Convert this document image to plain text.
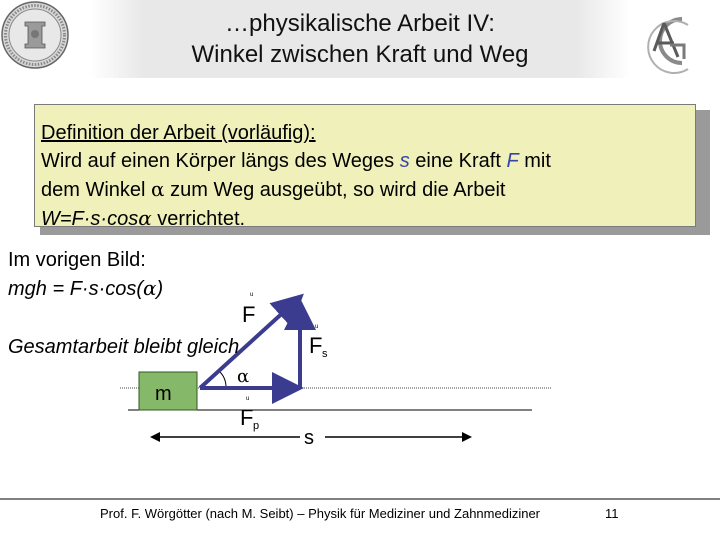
…physikalische Arbeit IV:
Winkel zwischen Kraft und Weg
Definition der Arbeit (vorläufig):
Wird auf einen Körper längs des Weges s eine Kraft F mit
dem Winkel α zum Weg ausgeübt, so wird die Arbeit
W=F·s·cosα verrichtet.
Im vorigen Bild:
mgh = F·s·cos(α)	ᵘ
F	ᵘ
F s
α
m	ᵘ
F p
s
Gesamtarbeit bleibt gleich
Prof. F. Wörgötter (nach M. Seibt) – Physik für Mediziner und Zahnmediziner	11
